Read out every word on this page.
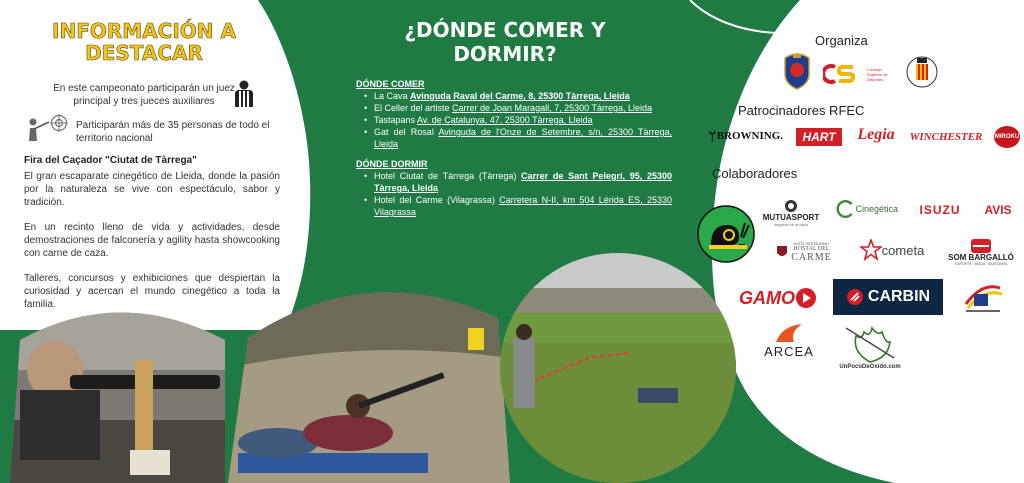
INFORMACIÓN A
DESTACAR
En este campeonato participarán un juez principal y tres jueces auxiliares
Participarán más de 35 personas de todo el territorio nacional
Fira del Caçador "Ciutat de Tàrrega"
El gran escaparate cinegético de Lleida, donde la pasión por la naturaleza se vive con espectáculo, sabor y tradición.
En un recinto lleno de vida y actividades, desde demostraciones de falconería y agility hasta showcooking con carne de caza.
Talleres, concursos y exhibiciones que despiertan la curiosidad y acercan el mundo cinegético a toda la familia.
¿DÓNDE COMER Y
DORMIR?
DÓNDE COMER
• La Cava Avinguda Raval del Carme, 8, 25300 Tàrrega, Lleida
• El Celler del artiste Carrer de Joan Maragall, 7, 25300 Tàrrega, Lleida
• Tastapans Av. de Catalunya, 47, 25300 Tàrrega, Lleida
• Gat del Rosal Avinguda de l'Onze de Setembre, s/n, 25300 Tàrrega, Lleida
DÓNDE DORMIR
• Hotel Ciutat de Tàrrega (Tàrrega) Carrer de Sant Pelegrí, 95, 25300 Tàrrega, Lleida
• Hotel del Carme (Vilagrassa) Carretera N-II, km 504 Lérida ES, 25330 Vilagrassa
Organiza
Consejo Superior de Deportes
Patrocinadores RFEC
BROWNING.	HART	Legia	WINCHESTER MIROKU
Colaboradores
MUTUASPORT
seguros en la caza
Cinegética	ISUZU	AVIS
HOTEL RESTAURANT
HOSTAL DEL
CARME	cometa	SOM BARGALLÓ
ESPORTS · MODA · MUNTANYA
GAMO	CARBIN
ARCEA
UnPocoDeOxido.com
